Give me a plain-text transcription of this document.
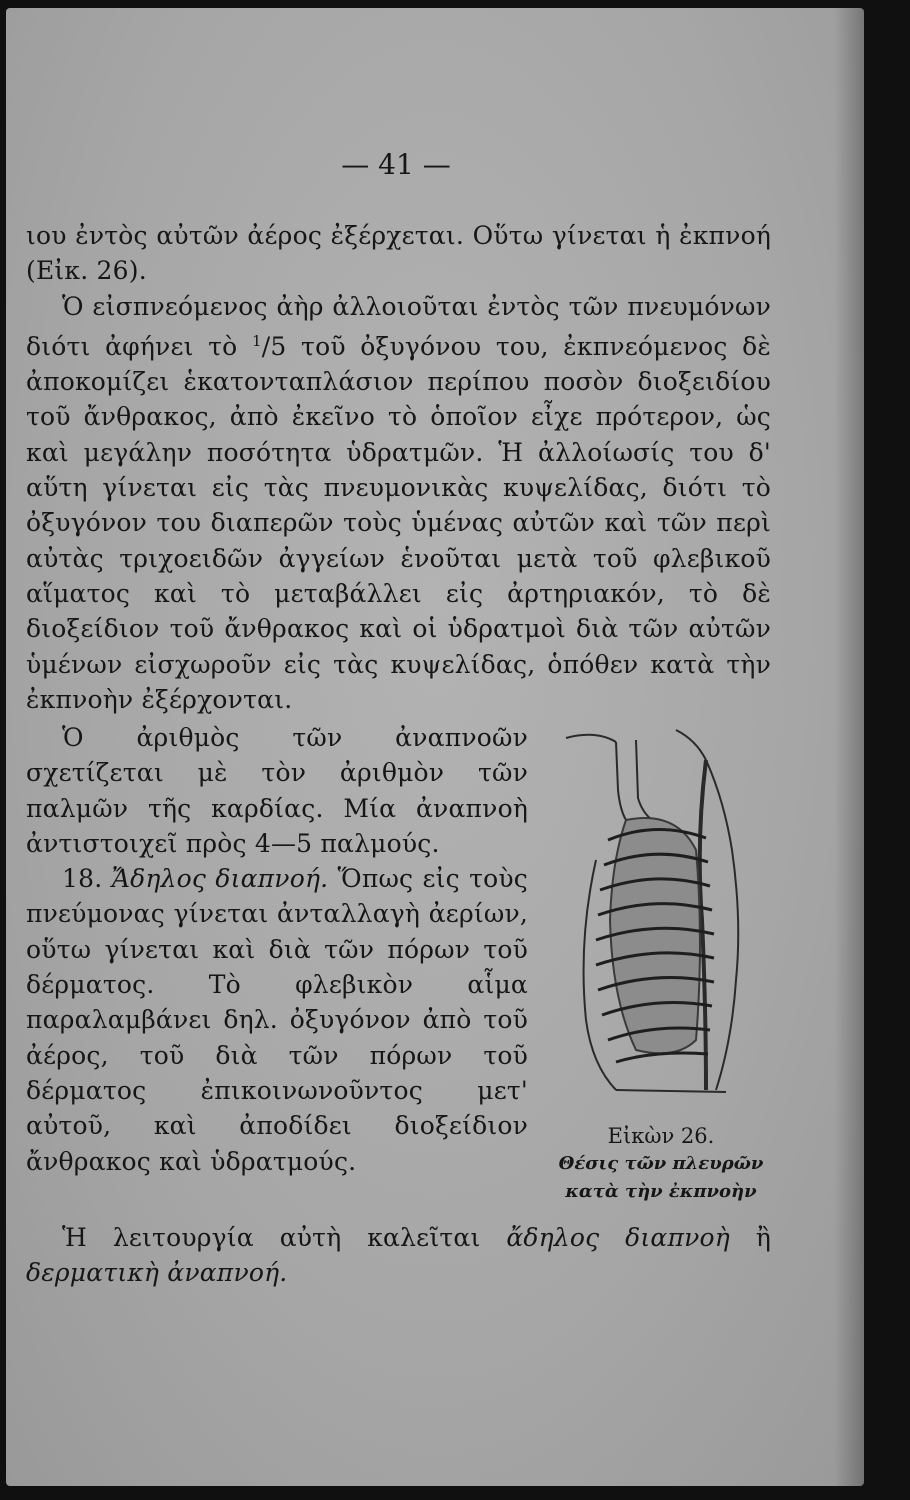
— 41 —

ιου ἐντὸς αὐτῶν ἀέρος ἐξέρχεται. Οὕτω γίνεται ἡ ἐκπνοή (Εἰκ. 26).

Ὁ εἰσπνεόμενος ἀὴρ ἀλλοιοῦται ἐντὸς τῶν πνευμόνων διότι ἀφήνει τὸ $^1$/5 τοῦ ὀξυγόνου του, ἐκπνεόμενος δὲ ἀποκομίζει ἑκατονταπλάσιον περίπου ποσὸν διοξειδίου τοῦ ἄνθρακος, ἀπὸ ἐκεῖνο τὸ ὁποῖον εἶχε πρότερον, ὡς καὶ μεγάλην ποσότητα ὑδρατμῶν. Ἡ ἀλλοίωσίς του δ' αὕτη γίνεται εἰς τὰς πνευμονικὰς κυψελίδας, διότι τὸ ὀξυγόνον του διαπερῶν τοὺς ὑμένας αὐτῶν καὶ τῶν περὶ αὐτὰς τριχοειδῶν ἀγγείων ἑνοῦται μετὰ τοῦ φλεβικοῦ αἵματος καὶ τὸ μεταβάλλει εἰς ἀρτηριακόν, τὸ δὲ διοξείδιον τοῦ ἄνθρακος καὶ οἱ ὑδρατμοὶ διὰ τῶν αὐτῶν ὑμένων εἰσχωροῦν εἰς τὰς κυψελίδας, ὁπόθεν κατὰ τὴν ἐκπνοὴν ἐξέρχονται.

Ὁ ἀριθμὸς τῶν ἀναπνοῶν σχετίζεται μὲ τὸν ἀριθμὸν τῶν παλμῶν τῆς καρδίας. Μία ἀναπνοὴ ἀντιστοιχεῖ πρὸς 4—5 παλμούς.

18. Ἄδηλος διαπνοή. Ὅπως εἰς τοὺς πνεύμονας γίνεται ἀνταλλαγὴ ἀερίων, οὕτω γίνεται καὶ διὰ τῶν πόρων τοῦ δέρματος. Τὸ φλεβικὸν αἷμα παραλαμβάνει δηλ. ὀξυγόνον ἀπὸ τοῦ ἀέρος, τοῦ διὰ τῶν πόρων τοῦ δέρματος ἐπικοινωνοῦντος μετ' αὐτοῦ, καὶ ἀποδίδει διοξείδιον ἄνθρακος καὶ ὑδρατμούς.

Εἰκὼν 26.
Θέσις τῶν πλευρῶν
κατὰ τὴν ἐκπνοὴν

Ἡ λειτουργία αὐτὴ καλεῖται ἄδηλος διαπνοὴ ἢ δερματικὴ ἀναπνοή.
